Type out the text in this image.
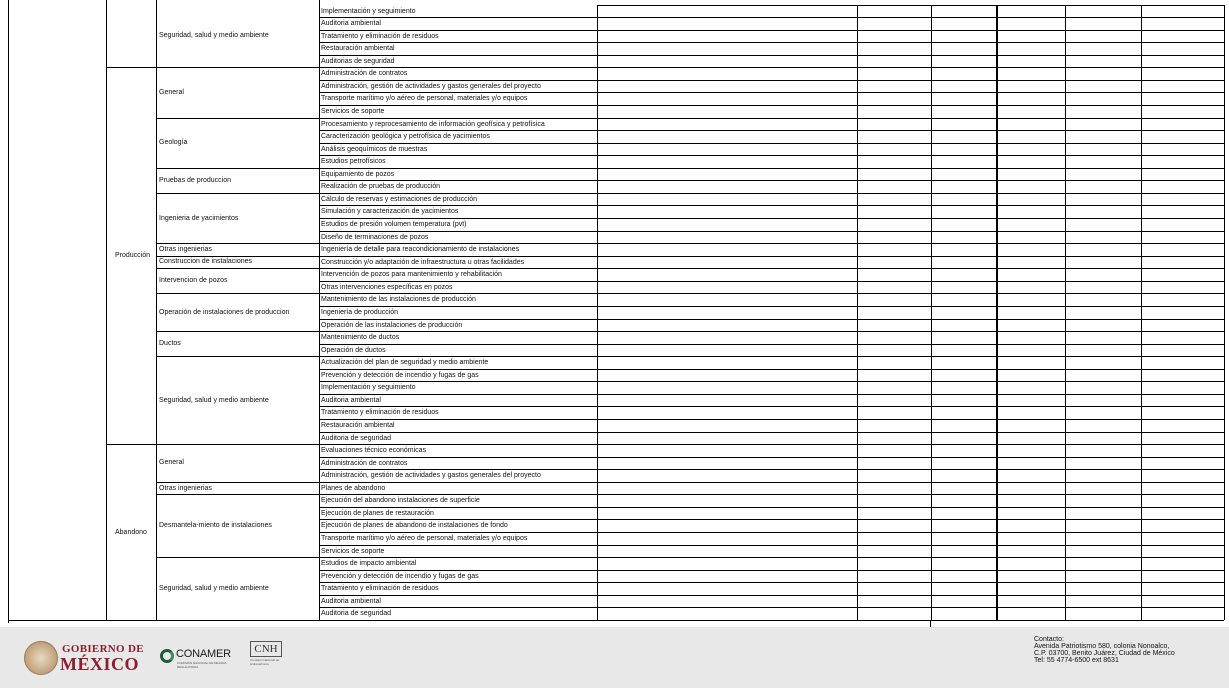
Implementación y seguimiento
Auditoria ambiental
Tratamiento y eliminación de residuos
Restauración ambiental
Auditorias de seguridad
Seguridad, salud y medio ambiente
Administración de contratos
Administración, gestión de actividades y gastos generales del proyecto
Transporte marítimo y/o aéreo de personal, materiales y/o equipos
Servicios de soporte
General
Procesamiento y reprocesamiento de información geofísica y petrofísica
Caracterización geológica y petrofísica de yacimientos
Análisis geoquímicos de muestras
Estudios petrofísicos
Geología
Equipamiento de pozos
Realización de pruebas de producción
Pruebas de produccion
Cálculo de reservas y estimaciones de producción
Simulación y caracterización de yacimientos
Estudios de presión volumen temperatura (pvt)
Diseño de terminaciones de pozos
Ingenieria de yacimientos
Ingeniería de detalle para reacondicionamiento de instalaciones
Otras ingenierias
Construcción y/o adaptación de infraestructura u otras facilidades
Construccion de instalaciones
Intervención de pozos para mantenimiento y rehabilitación
Otras intervenciones específicas en pozos
Intervencion de pozos
Mantenimiento de las instalaciones de producción
Ingeniería de producción
Operación de las instalaciones de producción
Operación de instalaciones de produccion
Mantenimiento de ductos
Operación de ductos
Ductos
Actualización del plan de seguridad y medio ambiente
Prevención y detección de incendio y fugas de gas
Implementación y seguimiento
Auditoria ambiental
Tratamiento y eliminación de residuos
Restauración ambiental
Auditoria de seguridad
Seguridad, salud y medio ambiente
Producción
Evaluaciones técnico económicas
Administración de contratos
Administración, gestión de actividades y gastos generales del proyecto
General
Planes de abandono
Otras ingenierias
Ejecución del abandono instalaciones de superficie
Ejecución de planes de restauración
Ejecución de planes de abandono de instalaciones de fondo
Transporte marítimo y/o aéreo de personal, materiales y/o equipos
Servicios de soporte
Desmantela-miento de instalaciones
Estudios de impacto ambiental
Prevención y detección de incendio y fugas de gas
Tratamiento y eliminación de residuos
Auditoria ambiental
Auditoria de seguridad
Seguridad, salud y medio ambiente
Abandono
GOBIERNO DE
MÉXICO	CONAMER
COMISIÓN NACIONAL DE MEJORA REGULATORIA
CNH
Comisión Nacional de Hidrocarburos
Contacto:
Avenida Patriotismo 580, colonia Nonoalco,
C.P. 03700, Benito Juárez, Ciudad de México
Tel: 55 4774-6500 ext 8631
